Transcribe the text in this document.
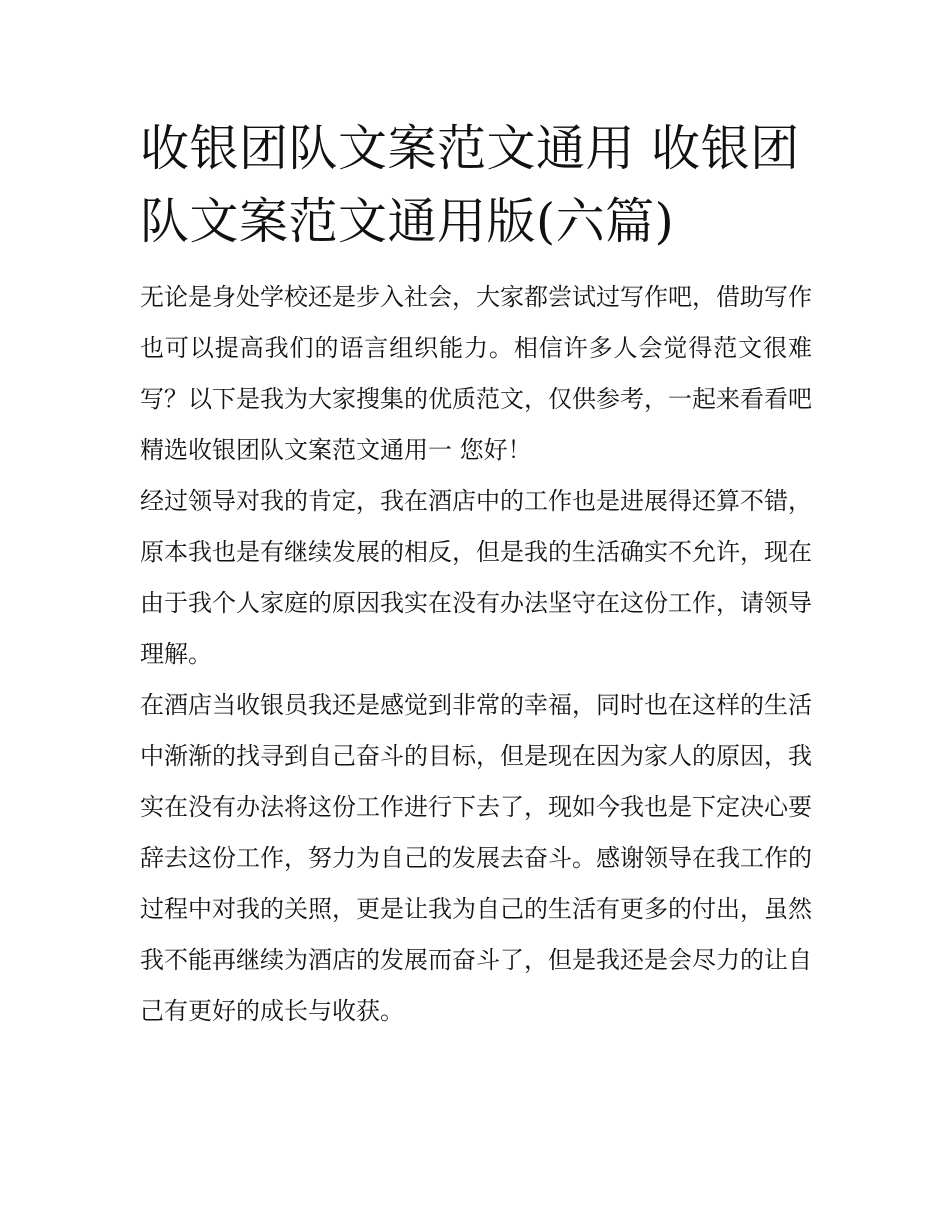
收银团队文案范文通用 收银团队文案范文通用版(六篇)

无论是身处学校还是步入社会，大家都尝试过写作吧，借助写作也可以提高我们的语言组织能力。相信许多人会觉得范文很难写？以下是我为大家搜集的优质范文，仅供参考，一起来看看吧

精选收银团队文案范文通用一 您好！

经过领导对我的肯定，我在酒店中的工作也是进展得还算不错，原本我也是有继续发展的相反，但是我的生活确实不允许，现在由于我个人家庭的原因我实在没有办法坚守在这份工作，请领导理解。

在酒店当收银员我还是感觉到非常的幸福，同时也在这样的生活中渐渐的找寻到自己奋斗的目标，但是现在因为家人的原因，我实在没有办法将这份工作进行下去了，现如今我也是下定决心要辞去这份工作，努力为自己的发展去奋斗。感谢领导在我工作的过程中对我的关照，更是让我为自己的生活有更多的付出，虽然我不能再继续为酒店的发展而奋斗了，但是我还是会尽力的让自己有更好的成长与收获。
